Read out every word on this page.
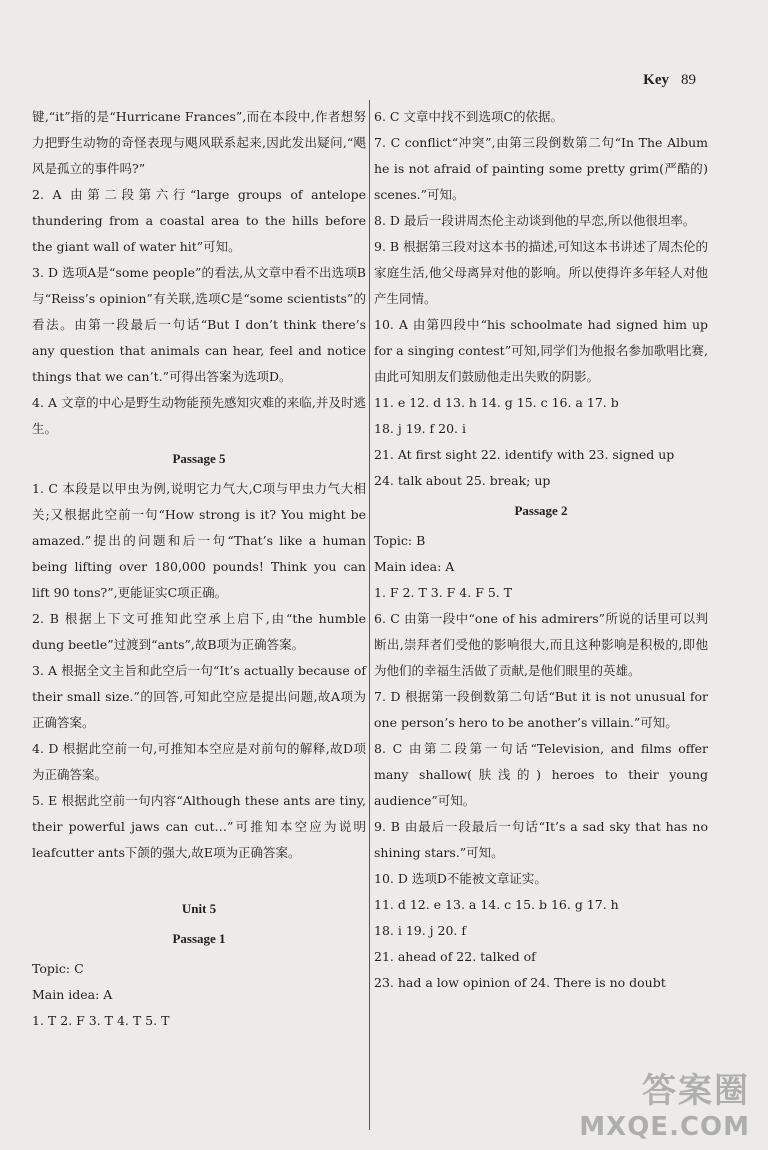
Key 89
键,“it”指的是“Hurricane Frances”,而在本段中,作者想努力把野生动物的奇怪表现与飓风联系起来,因此发出疑问,“飓风是孤立的事件吗?”
2. A 由第二段第六行“large groups of antelope thundering from a coastal area to the hills before the giant wall of water hit”可知。
3. D 选项A是“some people”的看法,从文章中看不出选项B与“Reiss’s opinion”有关联,选项C是“some scientists”的看法。由第一段最后一句话“But I don’t think there’s any question that animals can hear, feel and notice things that we can’t.”可得出答案为选项D。
4. A 文章的中心是野生动物能预先感知灾难的来临,并及时逃生。
Passage 5
1. C 本段是以甲虫为例,说明它力气大,C项与甲虫力气大相关;又根据此空前一句“How strong is it? You might be amazed.”提出的问题和后一句“That’s like a human being lifting over 180,000 pounds! Think you can lift 90 tons?”,更能证实C项正确。
2. B 根据上下文可推知此空承上启下,由“the humble dung beetle”过渡到“ants”,故B项为正确答案。
3. A 根据全文主旨和此空后一句“It’s actually because of their small size.”的回答,可知此空应是提出问题,故A项为正确答案。
4. D 根据此空前一句,可推知本空应是对前句的解释,故D项为正确答案。
5. E 根据此空前一句内容“Although these ants are tiny, their powerful jaws can cut…”可推知本空应为说明leafcutter ants下颌的强大,故E项为正确答案。
Unit 5
Passage 1
Topic: C
Main idea: A
1. T 2. F 3. T 4. T 5. T
6. C 文章中找不到选项C的依据。
7. C conflict“冲突”,由第三段倒数第二句“In The Album he is not afraid of painting some pretty grim(严酷的) scenes.”可知。
8. D 最后一段讲周杰伦主动谈到他的早恋,所以他很坦率。
9. B 根据第三段对这本书的描述,可知这本书讲述了周杰伦的家庭生活,他父母离异对他的影响。所以使得许多年轻人对他产生同情。
10. A 由第四段中“his schoolmate had signed him up for a singing contest”可知,同学们为他报名参加歌唱比赛,由此可知朋友们鼓励他走出失败的阴影。
11. e 12. d 13. h 14. g 15. c 16. a 17. b
18. j 19. f 20. i
21. At first sight 22. identify with 23. signed up
24. talk about 25. break; up
Passage 2
Topic: B
Main idea: A
1. F 2. T 3. F 4. F 5. T
6. C 由第一段中“one of his admirers”所说的话里可以判断出,崇拜者们受他的影响很大,而且这种影响是积极的,即他为他们的幸福生活做了贡献,是他们眼里的英雄。
7. D 根据第一段倒数第二句话“But it is not unusual for one person’s hero to be another’s villain.”可知。
8. C 由第二段第一句话“Television, and films offer many shallow(肤浅的) heroes to their young audience”可知。
9. B 由最后一段最后一句话“It’s a sad sky that has no shining stars.”可知。
10. D 选项D不能被文章证实。
11. d 12. e 13. a 14. c 15. b 16. g 17. h
18. i 19. j 20. f
21. ahead of 22. talked of
23. had a low opinion of 24. There is no doubt
答案圈
MXQE.COM
